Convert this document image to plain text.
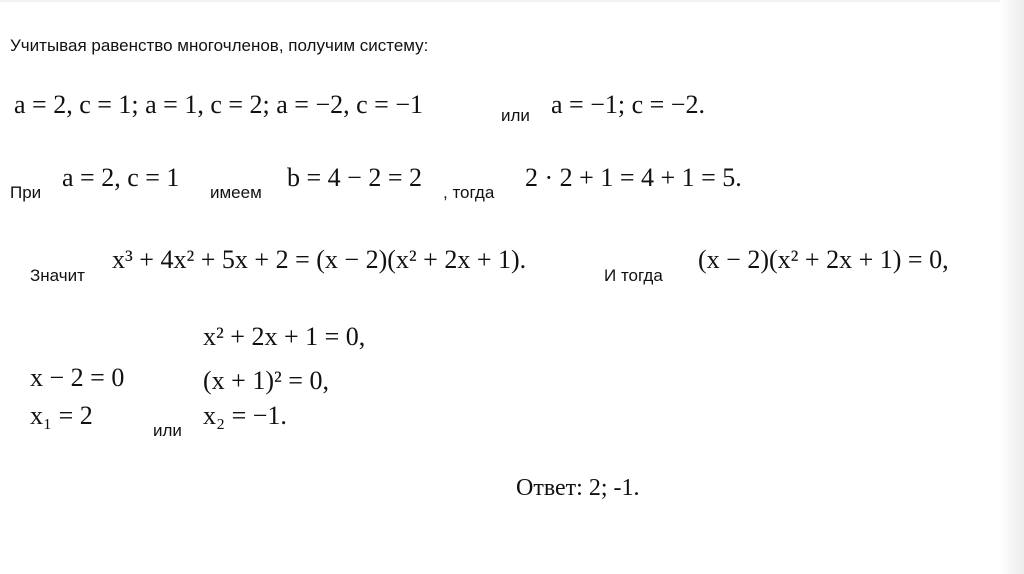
Учитывая равенство многочленов, получим систему:
a = 2, c = 1; a = 1, c = 2; a = −2, c = −1	или a = −1; c = −2.
При
a = 2, c = 1
имеем
b = 4 − 2 = 2
, тогда
2 · 2 + 1 = 4 + 1 = 5.
Значит
x³ + 4x² + 5x + 2 = (x − 2)(x² + 2x + 1).
И тогда
(x − 2)(x² + 2x + 1) = 0,
x² + 2x + 1 = 0,
x − 2 = 0	(x + 1)² = 0,
x₁ = 2
или
x₂ = −1.
Ответ: 2; -1.
